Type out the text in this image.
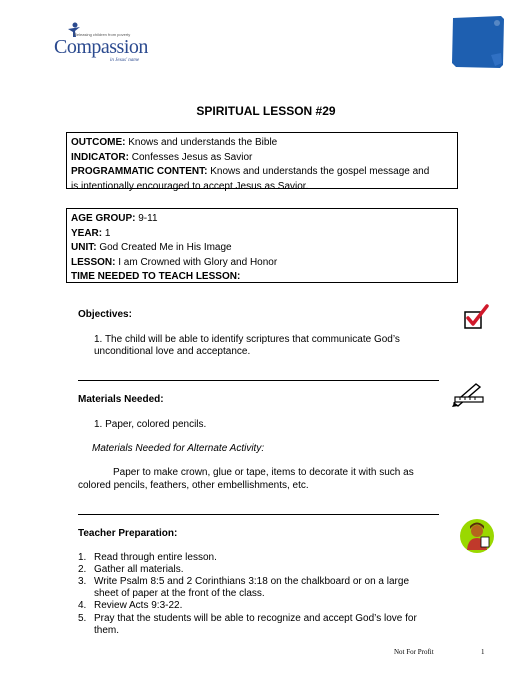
Releasing children from poverty
Compassion
in Jesus' name
SPIRITUAL LESSON #29
OUTCOME: Knows and understands the Bible
INDICATOR: Confesses Jesus as Savior
PROGRAMMATIC CONTENT: Knows and understands the gospel message and
is intentionally encouraged to accept Jesus as Savior.
AGE GROUP: 9-11
YEAR: 1
UNIT: God Created Me in His Image
LESSON: I am Crowned with Glory and Honor
TIME NEEDED TO TEACH LESSON:
Objectives:
1. The child will be able to identify scriptures that communicate God’s
unconditional love and acceptance.
Materials Needed:
1. Paper, colored pencils.
Materials Needed for Alternate Activity:
Paper to make crown, glue or tape, items to decorate it with such as
colored pencils, feathers, other embellishments, etc.
Teacher Preparation:
1. Read through entire lesson.
2. Gather all materials.
3. Write Psalm 8:5 and 2 Corinthians 3:18 on the chalkboard or on a large
sheet of paper at the front of the class.
4. Review Acts 9:3-22.
5. Pray that the students will be able to recognize and accept God’s love for
them.
Not For Profit	1
